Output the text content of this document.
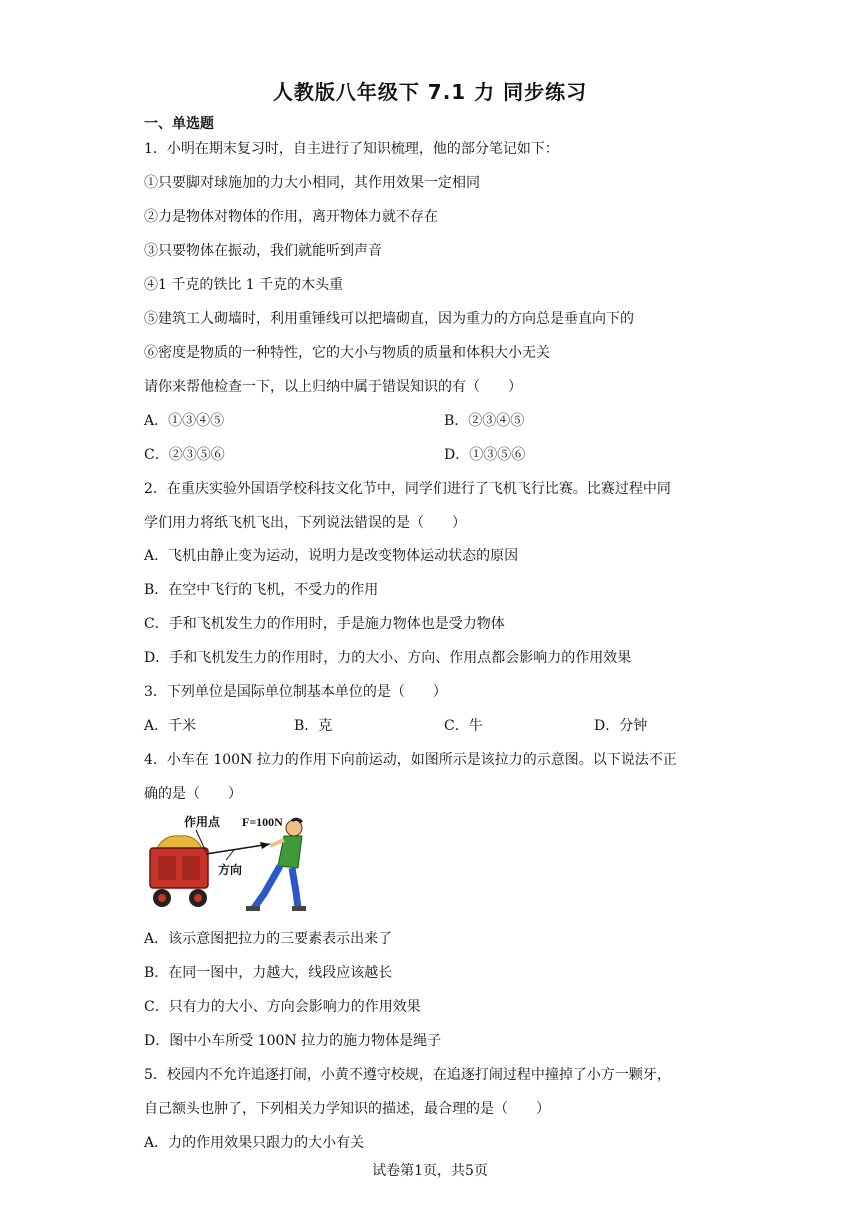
人教版八年级下 7.1 力 同步练习
一、单选题
1．小明在期末复习时，自主进行了知识梳理，他的部分笔记如下：
①只要脚对球施加的力大小相同，其作用效果一定相同
②力是物体对物体的作用，离开物体力就不存在
③只要物体在振动，我们就能听到声音
④1 千克的铁比 1 千克的木头重
⑤建筑工人砌墙时，利用重锤线可以把墙砌直，因为重力的方向总是垂直向下的
⑥密度是物质的一种特性，它的大小与物质的质量和体积大小无关
请你来帮他检查一下，以上归纳中属于错误知识的有（　　）
A．①③④⑤	B．②③④⑤
C．②③⑤⑥	D．①③⑤⑥
2．在重庆实验外国语学校科技文化节中，同学们进行了飞机飞行比赛。比赛过程中同
学们用力将纸飞机飞出，下列说法错误的是（　　）
A．飞机由静止变为运动，说明力是改变物体运动状态的原因
B．在空中飞行的飞机，不受力的作用
C．手和飞机发生力的作用时，手是施力物体也是受力物体
D．手和飞机发生力的作用时，力的大小、方向、作用点都会影响力的作用效果
3．下列单位是国际单位制基本单位的是（　　）
A．千米	B．克	C．牛	D．分钟
4．小车在 100N 拉力的作用下向前运动，如图所示是该拉力的示意图。以下说法不正
确的是（　　）
作用点 F=100N
方向
A．该示意图把拉力的三要素表示出来了
B．在同一图中，力越大，线段应该越长
C．只有力的大小、方向会影响力的作用效果
D．图中小车所受 100N 拉力的施力物体是绳子
5．校园内不允许追逐打闹，小黄不遵守校规，在追逐打闹过程中撞掉了小方一颗牙，
自己额头也肿了，下列相关力学知识的描述，最合理的是（　　）
A．力的作用效果只跟力的大小有关
试卷第1页，共5页
